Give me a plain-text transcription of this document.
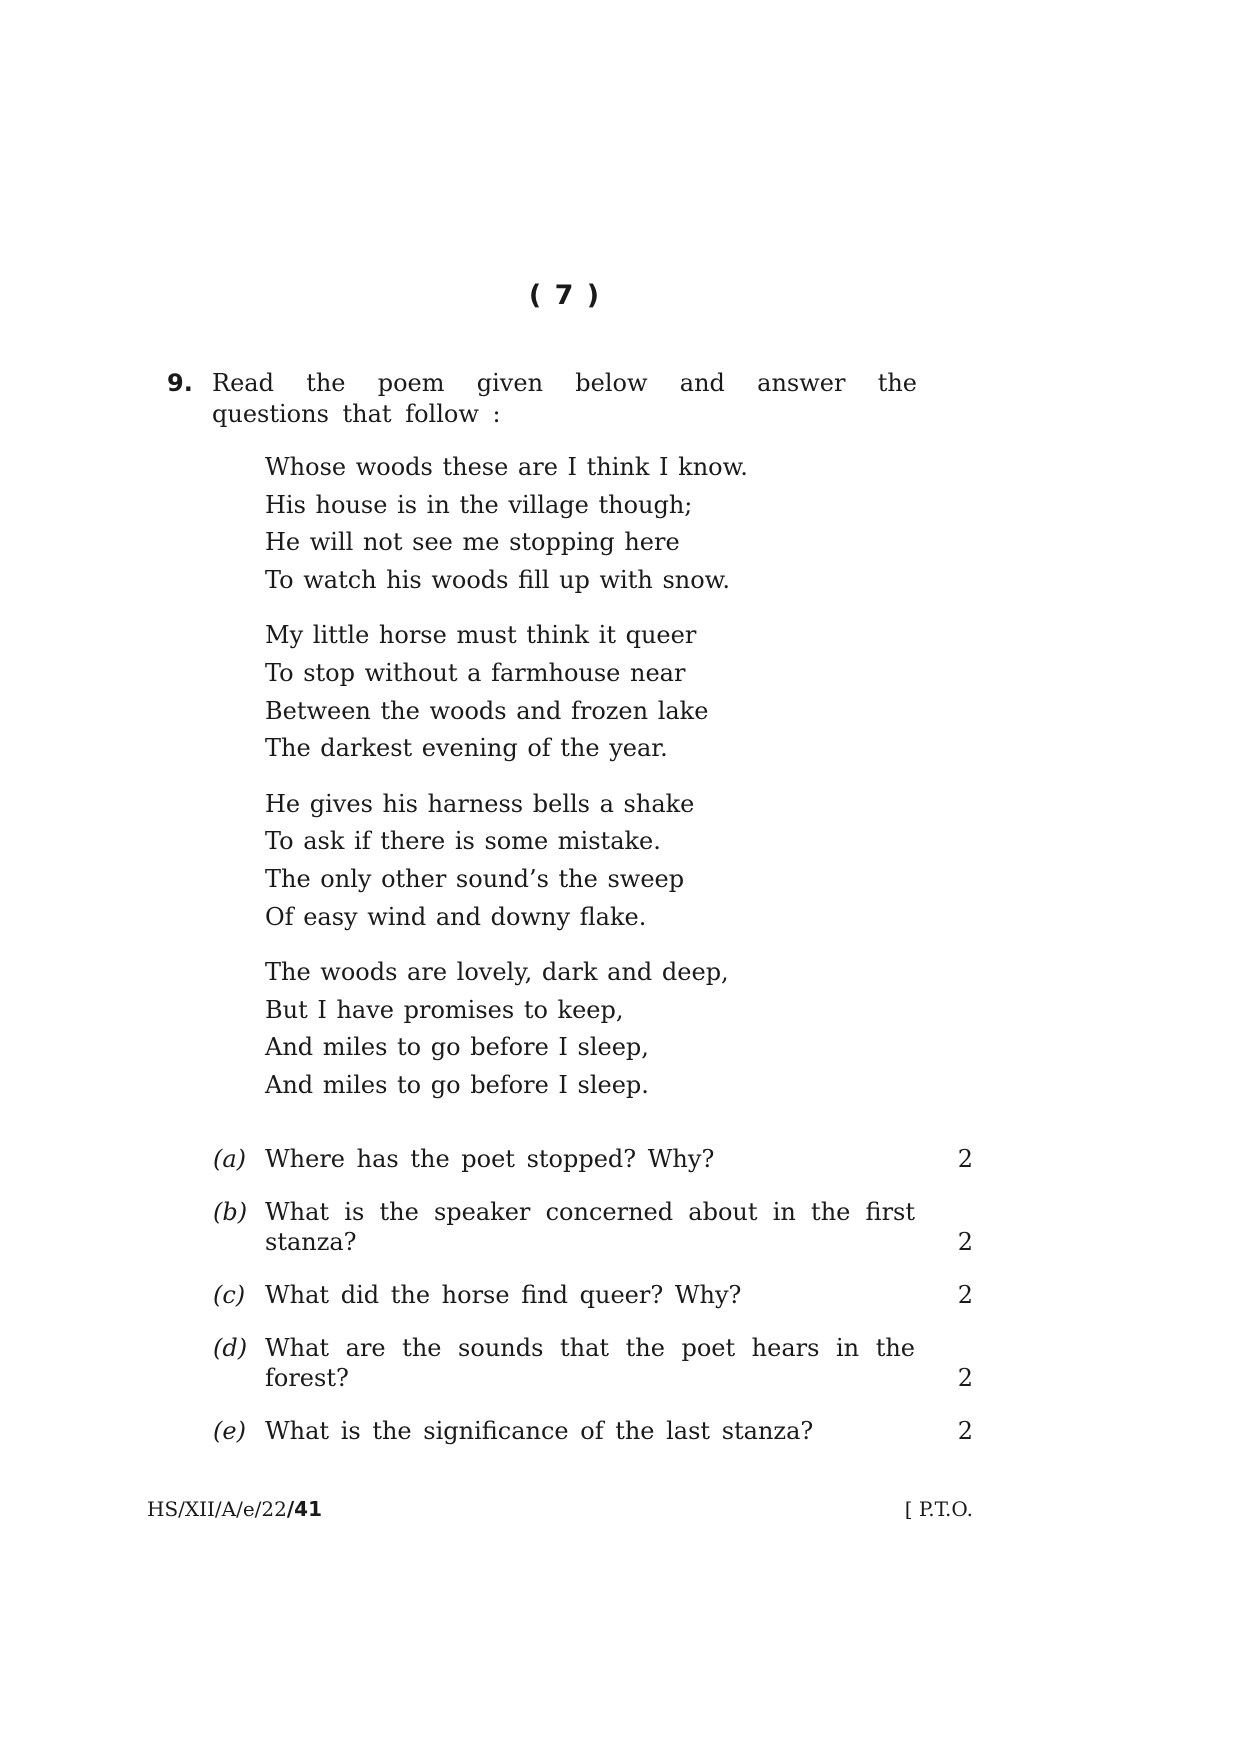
( 7 )
9. Read the poem given below and answer the questions that follow :
Whose woods these are I think I know.
His house is in the village though;
He will not see me stopping here
To watch his woods fill up with snow.
My little horse must think it queer
To stop without a farmhouse near
Between the woods and frozen lake
The darkest evening of the year.
He gives his harness bells a shake
To ask if there is some mistake.
The only other sound’s the sweep
Of easy wind and downy flake.
The woods are lovely, dark and deep,
But I have promises to keep,
And miles to go before I sleep,
And miles to go before I sleep.
(a) Where has the poet stopped? Why?	2
(b) What is the speaker concerned about in the first stanza?	2
(c) What did the horse find queer? Why?	2
(d) What are the sounds that the poet hears in the forest?	2
(e) What is the significance of the last stanza?	2
HS/XII/A/e/22/41	[ P.T.O.
